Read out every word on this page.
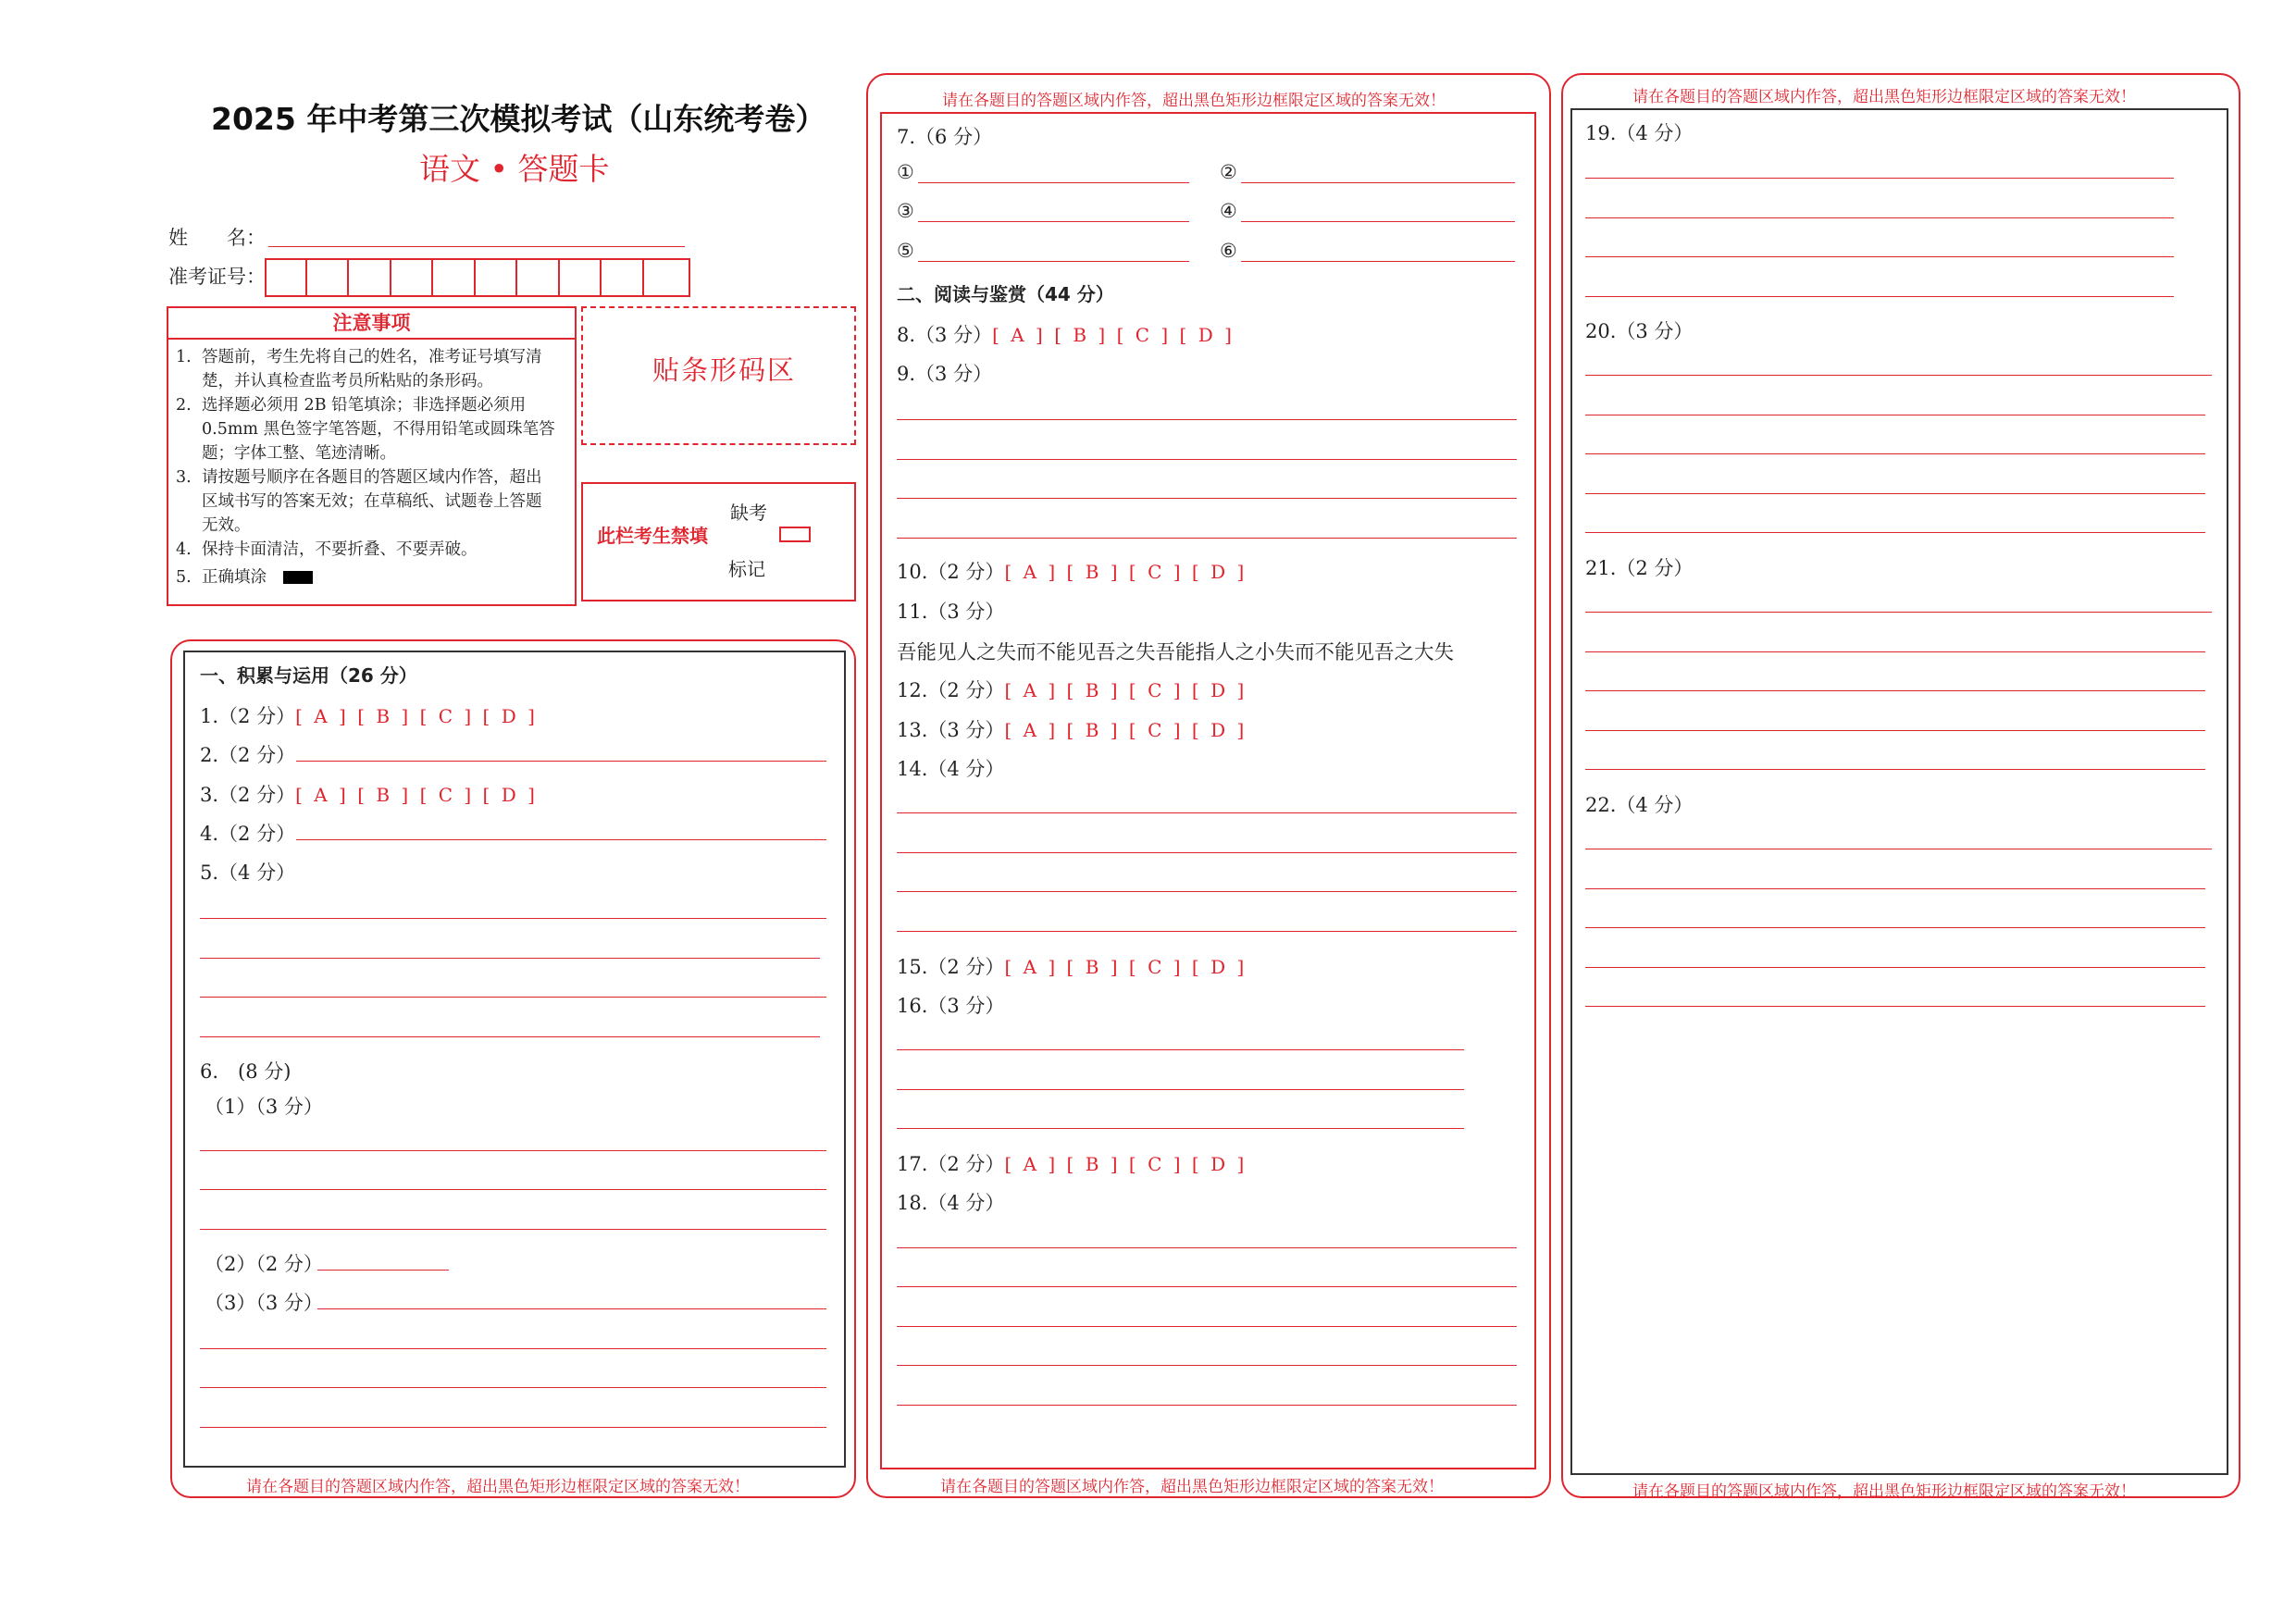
2025 年中考第三次模拟考试（山东统考卷）
语文 • 答题卡
姓　　名：
准考证号：
注意事项
1. 答题前，考生先将自己的姓名，准考证号填写清
楚，并认真检查监考员所粘贴的条形码。
2. 选择题必须用 2B 铅笔填涂；非选择题必须用
0.5mm 黑色签字笔答题，不得用铅笔或圆珠笔答
题；字体工整、笔迹清晰。
3. 请按题号顺序在各题目的答题区域内作答，超出
区域书写的答案无效；在草稿纸、试题卷上答题
无效。
4. 保持卡面清洁，不要折叠、不要弄破。
5. 正确填涂
贴条形码区
此栏考生禁填
缺考
标记
一、积累与运用（26 分）
1.（2 分）[ A ] [ B ] [ C ] [ D ]
2.（2 分）
3.（2 分）[ A ] [ B ] [ C ] [ D ]
4.（2 分）
5.（4 分）
6.　(8 分)
（1）（3 分）
（2）（2 分）
（3）（3 分）
请在各题目的答题区域内作答，超出黑色矩形边框限定区域的答案无效！
请在各题目的答题区域内作答，超出黑色矩形边框限定区域的答案无效！
请在各题目的答题区域内作答，超出黑色矩形边框限定区域的答案无效！
7.（6 分）
①	②
③	④
⑤	⑥
二、阅读与鉴赏（44 分）
8.（3 分）[ A ] [ B ] [ C ] [ D ]
9.（3 分）
10.（2 分）[ A ] [ B ] [ C ] [ D ]
11.（3 分）
吾能见人之失而不能见吾之失吾能指人之小失而不能见吾之大失
12.（2 分）[ A ] [ B ] [ C ] [ D ]
13.（3 分）[ A ] [ B ] [ C ] [ D ]
14.（4 分）
15.（2 分）[ A ] [ B ] [ C ] [ D ]
16.（3 分）
17.（2 分）[ A ] [ B ] [ C ] [ D ]
18.（4 分）
请在各题目的答题区域内作答，超出黑色矩形边框限定区域的答案无效！
请在各题目的答题区域内作答，超出黑色矩形边框限定区域的答案无效！
19.（4 分）
20.（3 分）
21.（2 分）
22.（4 分）
